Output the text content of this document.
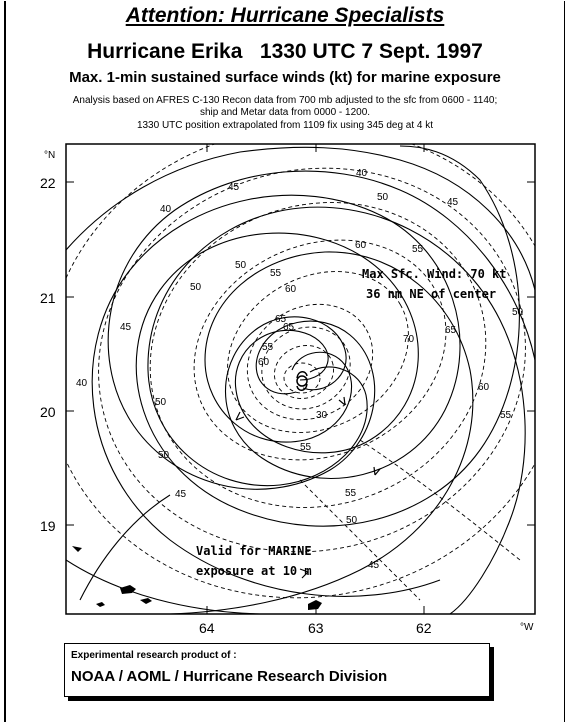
Attention: Hurricane Specialists
Hurricane Erika   1330 UTC 7 Sept. 1997
Max. 1-min sustained surface winds (kt) for marine exposure
Analysis based on AFRES C-130 Recon data from 700 mb adjusted to the sfc from 0600 - 1140;
ship and Metar data from 0000 - 1200.
1330 UTC position extrapolated from 1109 fix using 345 deg at 4 kt
°N
°W
22
21
20
19
64	63	62
45
40
50
55
60
65
40
50
55
60
45
65
70
65
60
55
50
45
40
50
55
50
45	55
60
55
50
30
50
45
Max Sfc. Wind: 70 kt
36 nm NE of center
Valid for MARINE
exposure at 10 m
Experimental research product of :
NOAA / AOML / Hurricane Research Division
